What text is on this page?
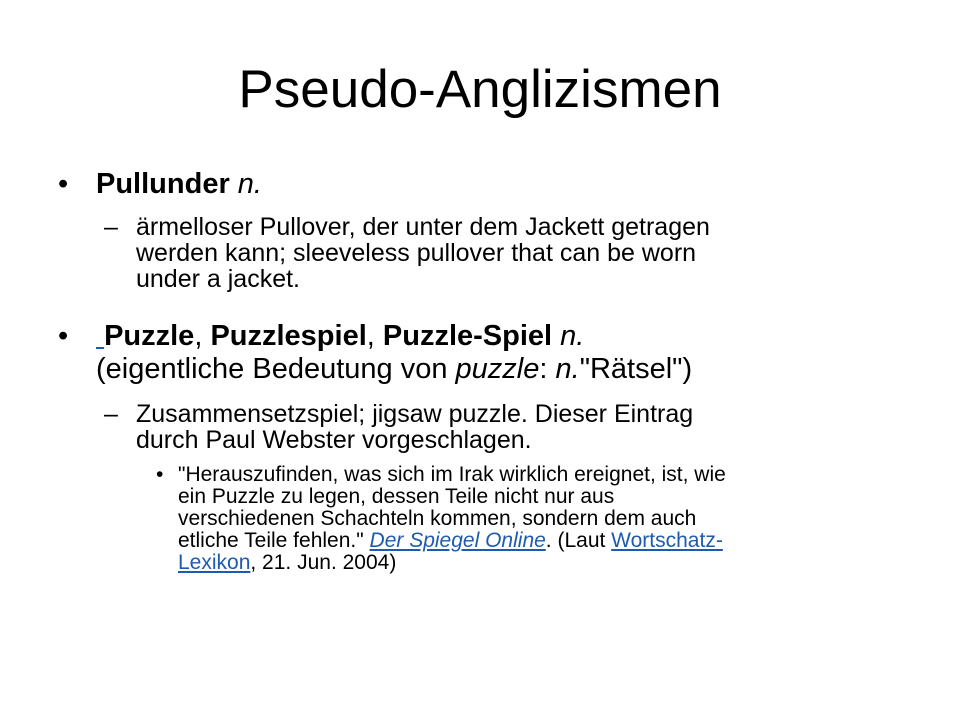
Pseudo-Anglizismen
• Pullunder n.
– ärmelloser Pullover, der unter dem Jackett getragen
werden kann; sleeveless pullover that can be worn
under a jacket.
• Puzzle, Puzzlespiel, Puzzle-Spiel n.
(eigentliche Bedeutung von puzzle: n."Rätsel")
– Zusammensetzspiel; jigsaw puzzle. Dieser Eintrag
durch Paul Webster vorgeschlagen.
• "Herauszufinden, was sich im Irak wirklich ereignet, ist, wie
ein Puzzle zu legen, dessen Teile nicht nur aus
verschiedenen Schachteln kommen, sondern dem auch
etliche Teile fehlen." Der Spiegel Online. (Laut Wortschatz-
Lexikon, 21. Jun. 2004)
